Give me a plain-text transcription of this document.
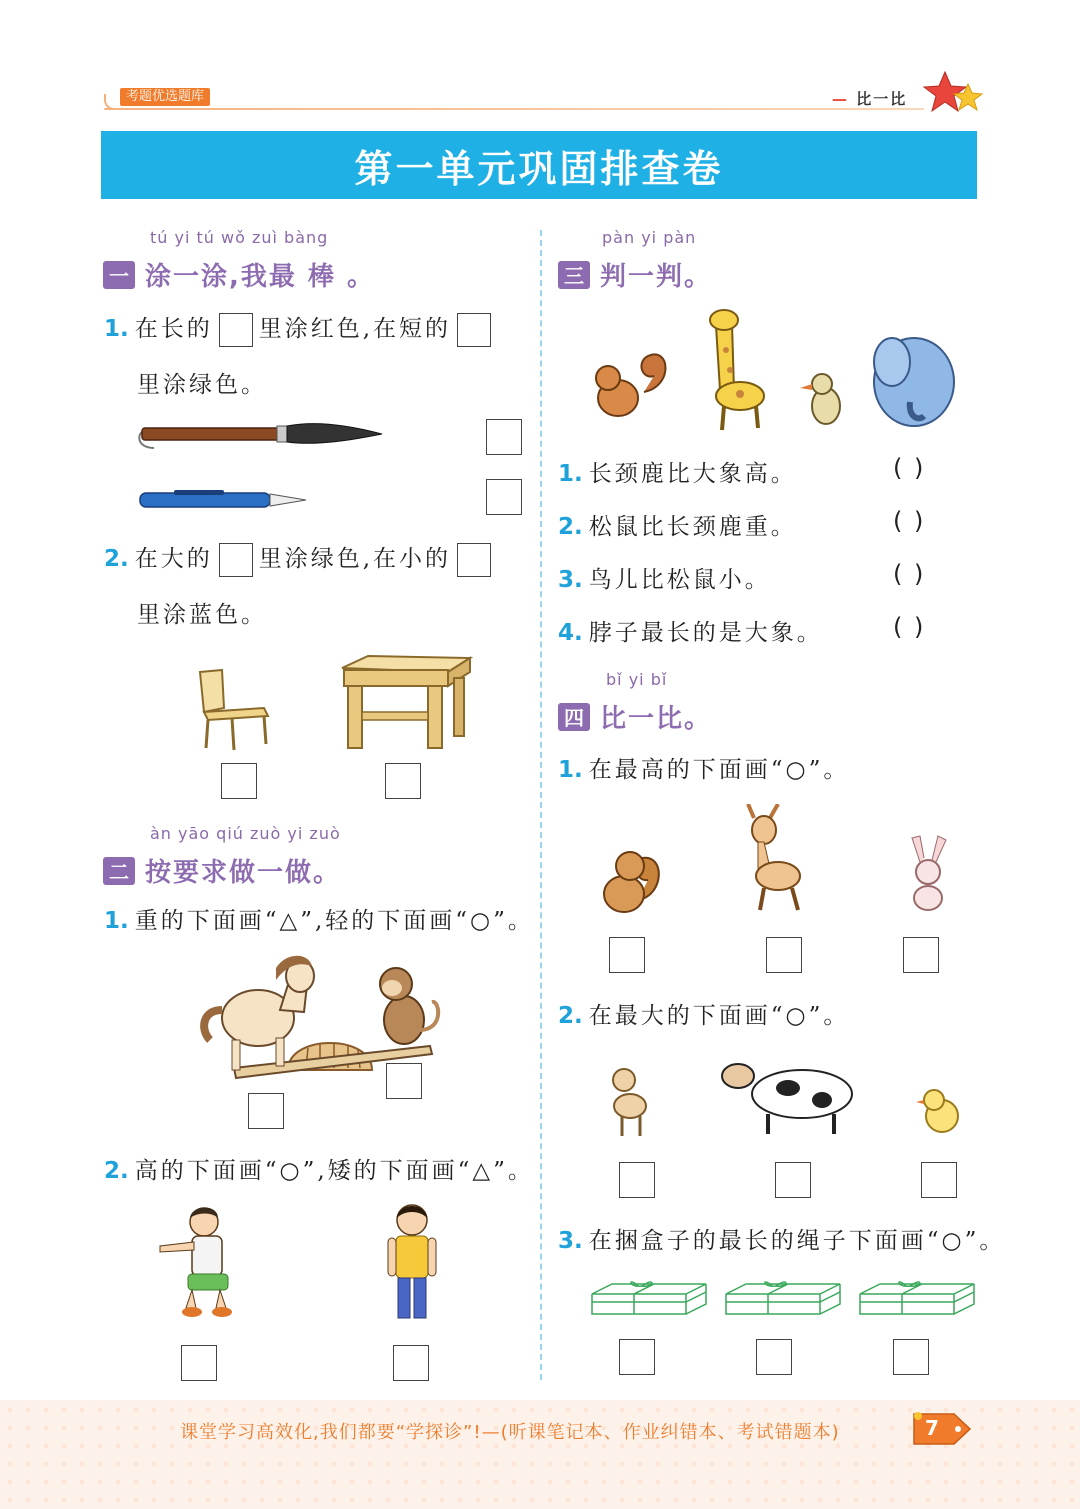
考题优选题库	— 比一比
第一单元巩固排查卷
tú yi tú wǒ zuì bàng
一 涂一涂,我最 棒 。
1. 在长的 里涂红色,在短的
里涂绿色。
2. 在大的 里涂绿色,在小的
里涂蓝色。
àn yāo qiú zuò yi zuò
二 按要求做一做。
1. 重的下面画“△”,轻的下面画“○”。
2. 高的下面画“○”,矮的下面画“△”。
pàn yi pàn
三 判一判。
1. 长颈鹿比大象高。	( )
2. 松鼠比长颈鹿重。	( )
3. 鸟儿比松鼠小。	( )
4. 脖子最长的是大象。	( )
bǐ yi bǐ
四 比一比。
1. 在最高的下面画“○”。
2. 在最大的下面画“○”。
3. 在捆盒子的最长的绳子下面画“○”。
课堂学习高效化,我们都要“学探诊”!—(听课笔记本、作业纠错本、考试错题本)	7
